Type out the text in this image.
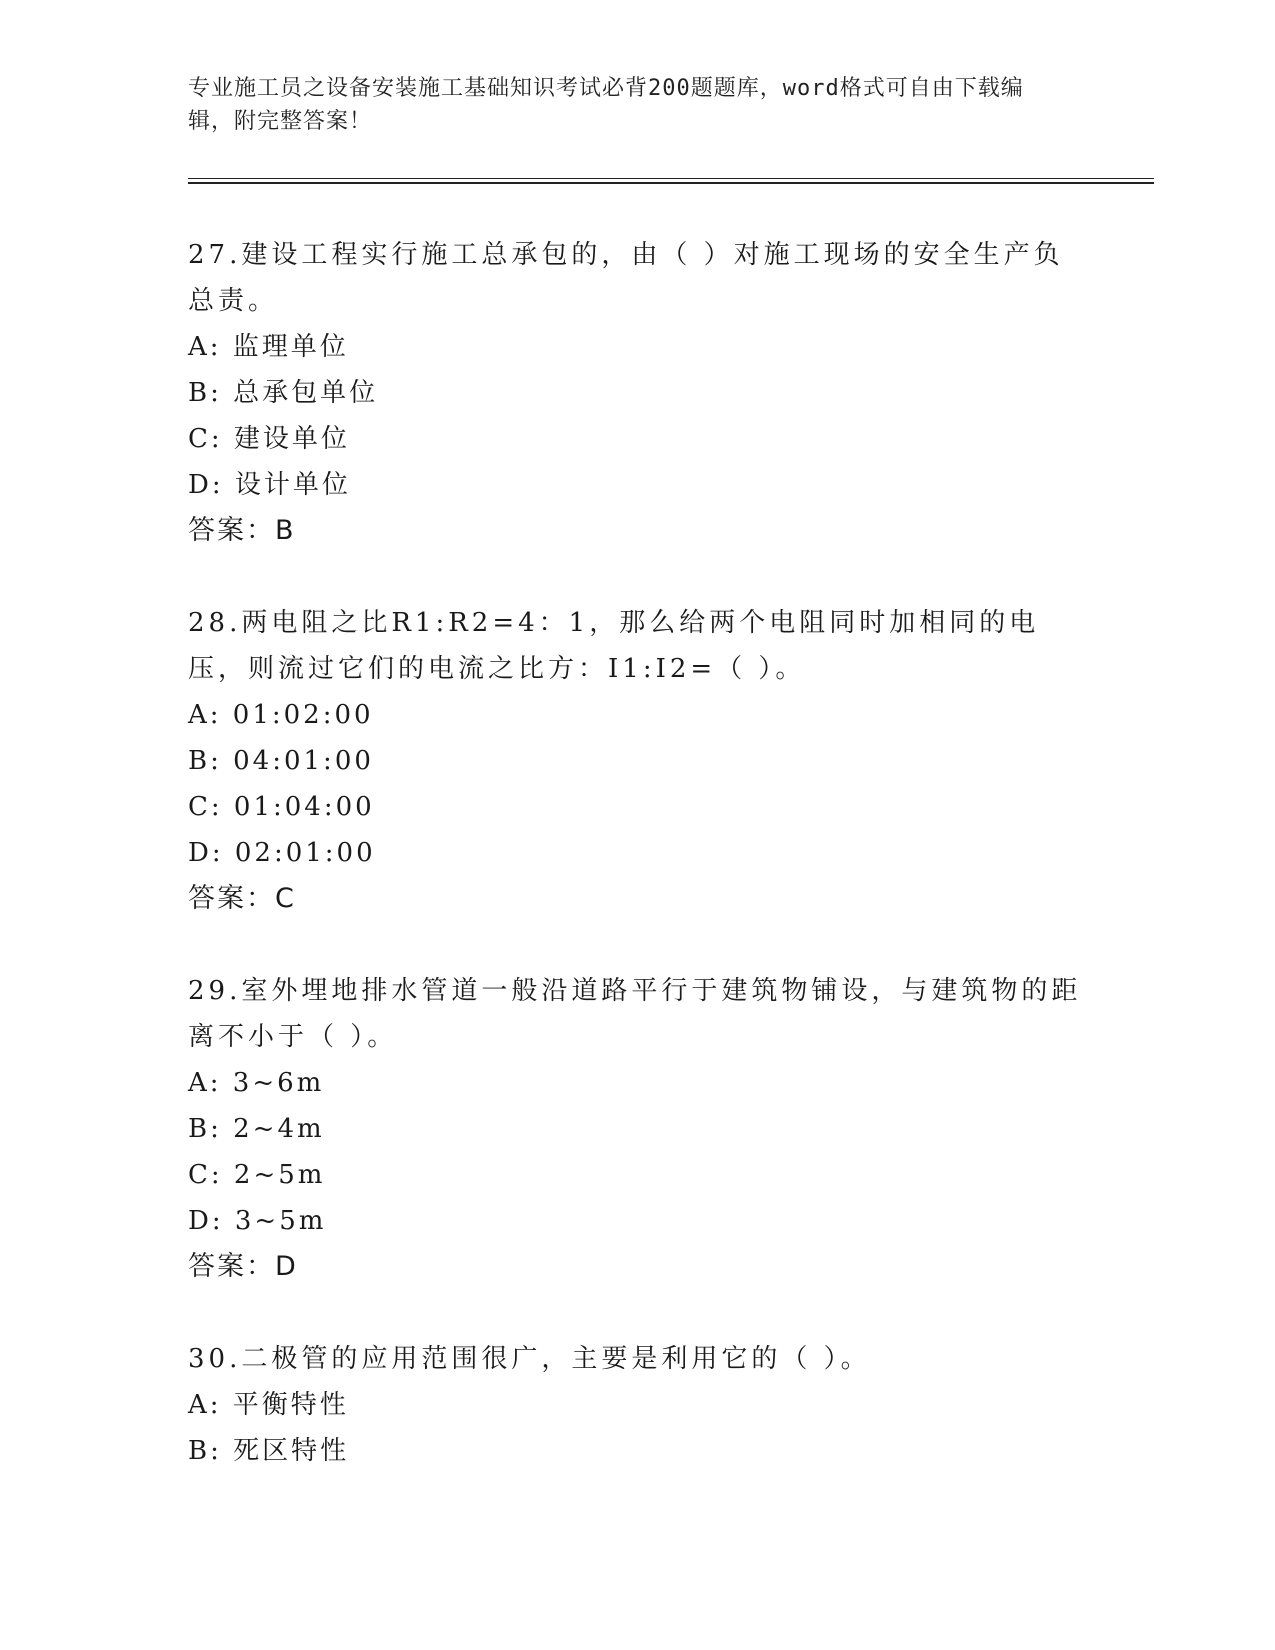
专业施工员之设备安装施工基础知识考试必背200题题库，word格式可自由下载编辑，附完整答案！

27.建设工程实行施工总承包的，由（ ）对施工现场的安全生产负总责。

A: 监理单位

B: 总承包单位

C: 建设单位

D: 设计单位

答案：B

28.两电阻之比R1:R2=4：1，那么给两个电阻同时加相同的电压，则流过它们的电流之比方：I1:I2=（ ）。

A: 01:02:00

B: 04:01:00

C: 01:04:00

D: 02:01:00

答案：C

29.室外埋地排水管道一般沿道路平行于建筑物铺设，与建筑物的距离不小于（ ）。

A: 3~6m

B: 2~4m

C: 2~5m

D: 3~5m

答案：D

30.二极管的应用范围很广，主要是利用它的（ ）。

A: 平衡特性

B: 死区特性
